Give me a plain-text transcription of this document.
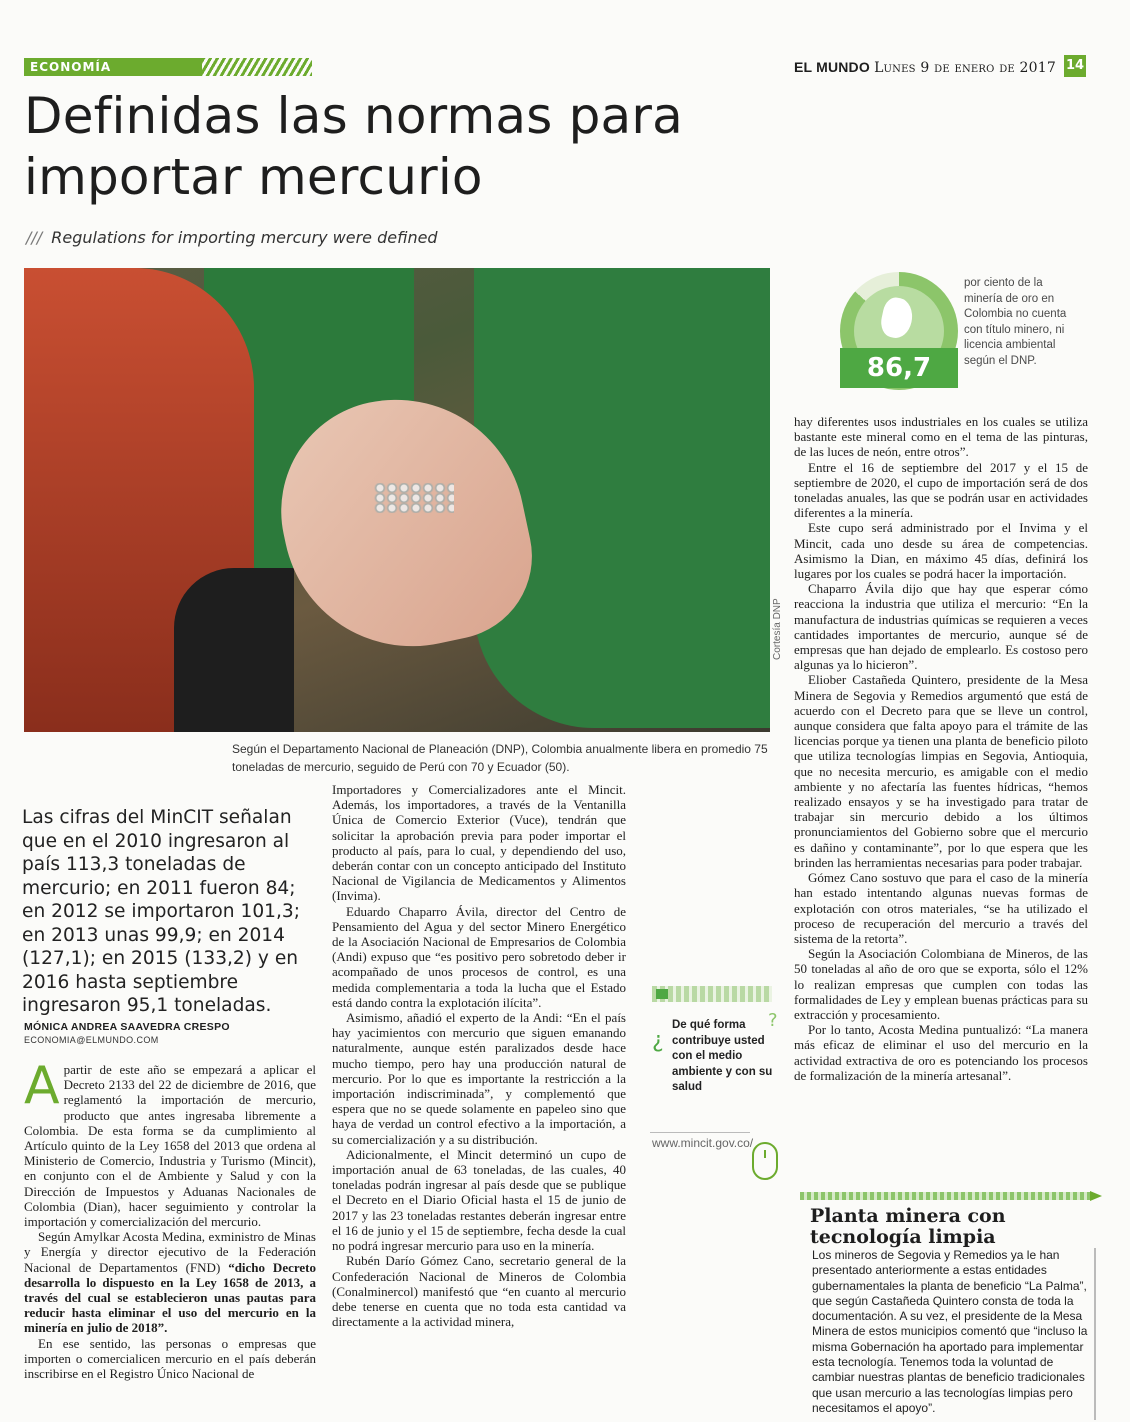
ECONOMÍA	EL MUNDO Lunes 9 de enero de 2017 14
Definidas las normas para importar mercurio
/// Regulations for importing mercury were defined
Cortesía DNP
Según el Departamento Nacional de Planeación (DNP), Colombia anualmente libera en promedio 75 toneladas de mercurio, seguido de Perú con 70 y Ecuador (50).
86,7
por ciento de la minería de oro en Colombia no cuenta con título minero, ni licencia ambiental según el DNP.
Las cifras del MinCIT señalan que en el 2010 ingresaron al país 113,3 toneladas de mercurio; en 2011 fueron 84; en 2012 se importaron 101,3; en 2013 unas 99,9; en 2014 (127,1); en 2015 (133,2) y en 2016 hasta septiembre ingresaron 95,1 toneladas.
MÓNICA ANDREA SAAVEDRA CRESPO
ECONOMIA@ELMUNDO.COM
A partir de este año se empezará a aplicar el Decreto 2133 del 22 de diciembre de 2016, que reglamentó la importación de mercurio, producto que antes ingresaba libremente a Colombia. De esta forma se da cumplimiento al Artículo quinto de la Ley 1658 del 2013 que ordena al Ministerio de Comercio, Industria y Turismo (Mincit), en conjunto con el de Ambiente y Salud y con la Dirección de Impuestos y Aduanas Nacionales de Colombia (Dian), hacer seguimiento y controlar la importación y comercialización del mercurio.

Según Amylkar Acosta Medina, exministro de Minas y Energía y director ejecutivo de la Federación Nacional de Departamentos (FND) “dicho Decreto desarrolla lo dispuesto en la Ley 1658 de 2013, a través del cual se establecieron unas pautas para reducir hasta eliminar el uso del mercurio en la minería en julio de 2018”.

En ese sentido, las personas o empresas que importen o comercialicen mercurio en el país deberán inscribirse en el Registro Único Nacional de

Importadores y Comercializadores ante el Mincit. Además, los importadores, a través de la Ventanilla Única de Comercio Exterior (Vuce), tendrán que solicitar la aprobación previa para poder importar el producto al país, para lo cual, y dependiendo del uso, deberán contar con un concepto anticipado del Instituto Nacional de Vigilancia de Medicamentos y Alimentos (Invima).

Eduardo Chaparro Ávila, director del Centro de Pensamiento del Agua y del sector Minero Energético de la Asociación Nacional de Empresarios de Colombia (Andi) expuso que “es positivo pero sobretodo deber ir acompañado de unos procesos de control, es una medida complementaria a toda la lucha que el Estado está dando contra la explotación ilícita”.

Asimismo, añadió el experto de la Andi: “En el país hay yacimientos con mercurio que siguen emanando naturalmente, aunque estén paralizados desde hace mucho tiempo, pero hay una producción natural de mercurio. Por lo que es importante la restricción a la importación indiscriminada”, y complementó que espera que no se quede solamente en papeleo sino que haya de verdad un control efectivo a la importación, a su comercialización y a su distribución.

Adicionalmente, el Mincit determinó un cupo de importación anual de 63 toneladas, de las cuales, 40 toneladas podrán ingresar al país desde que se publique el Decreto en el Diario Oficial hasta el 15 de junio de 2017 y las 23 toneladas restantes deberán ingresar entre el 16 de junio y el 15 de septiembre, fecha desde la cual no podrá ingresar mercurio para uso en la minería.

Rubén Darío Gómez Cano, secretario general de la Confederación Nacional de Mineros de Colombia (Conalminercol) manifestó que “en cuanto al mercurio debe tenerse en cuenta que no toda esta cantidad va directamente a la actividad minera,

?
¿
De qué forma contribuye usted con el medio ambiente y con su salud
www.mincit.gov.co/

hay diferentes usos industriales en los cuales se utiliza bastante este mineral como en el tema de las pinturas, de las luces de neón, entre otros”.

Entre el 16 de septiembre del 2017 y el 15 de septiembre de 2020, el cupo de importación será de dos toneladas anuales, las que se podrán usar en actividades diferentes a la minería.

Este cupo será administrado por el Invima y el Mincit, cada uno desde su área de competencias. Asimismo la Dian, en máximo 45 días, definirá los lugares por los cuales se podrá hacer la importación.

Chaparro Ávila dijo que hay que esperar cómo reacciona la industria que utiliza el mercurio: “En la manufactura de industrias químicas se requieren a veces cantidades importantes de mercurio, aunque sé de empresas que han dejado de emplearlo. Es costoso pero algunas ya lo hicieron”.

Eliober Castañeda Quintero, presidente de la Mesa Minera de Segovia y Remedios argumentó que está de acuerdo con el Decreto para que se lleve un control, aunque considera que falta apoyo para el trámite de las licencias porque ya tienen una planta de beneficio piloto que utiliza tecnologías limpias en Segovia, Antioquia, que no necesita mercurio, es amigable con el medio ambiente y no afectaría las fuentes hídricas, “hemos realizado ensayos y se ha investigado para tratar de trabajar sin mercurio debido a los últimos pronunciamientos del Gobierno sobre que el mercurio es dañino y contaminante”, por lo que espera que les brinden las herramientas necesarias para poder trabajar.

Gómez Cano sostuvo que para el caso de la minería han estado intentando algunas nuevas formas de explotación con otros materiales, “se ha utilizado el proceso de recuperación del mercurio a través del sistema de la retorta”.

Según la Asociación Colombiana de Mineros, de las 50 toneladas al año de oro que se exporta, sólo el 12% lo realizan empresas que cumplen con todas las formalidades de Ley y emplean buenas prácticas para su extracción y procesamiento.

Por lo tanto, Acosta Medina puntualizó: “La manera más eficaz de eliminar el uso del mercurio en la actividad extractiva de oro es potenciando los procesos de formalización de la minería artesanal”.

Planta minera con tecnología limpia
Los mineros de Segovia y Remedios ya le han presentado anteriormente a estas entidades gubernamentales la planta de beneficio “La Palma”, que según Castañeda Quintero consta de toda la documentación. A su vez, el presidente de la Mesa Minera de estos municipios comentó que “incluso la misma Gobernación ha aportado para implementar esta tecnología. Tenemos toda la voluntad de cambiar nuestras plantas de beneficio tradicionales que usan mercurio a las tecnologías limpias pero necesitamos el apoyo”.
